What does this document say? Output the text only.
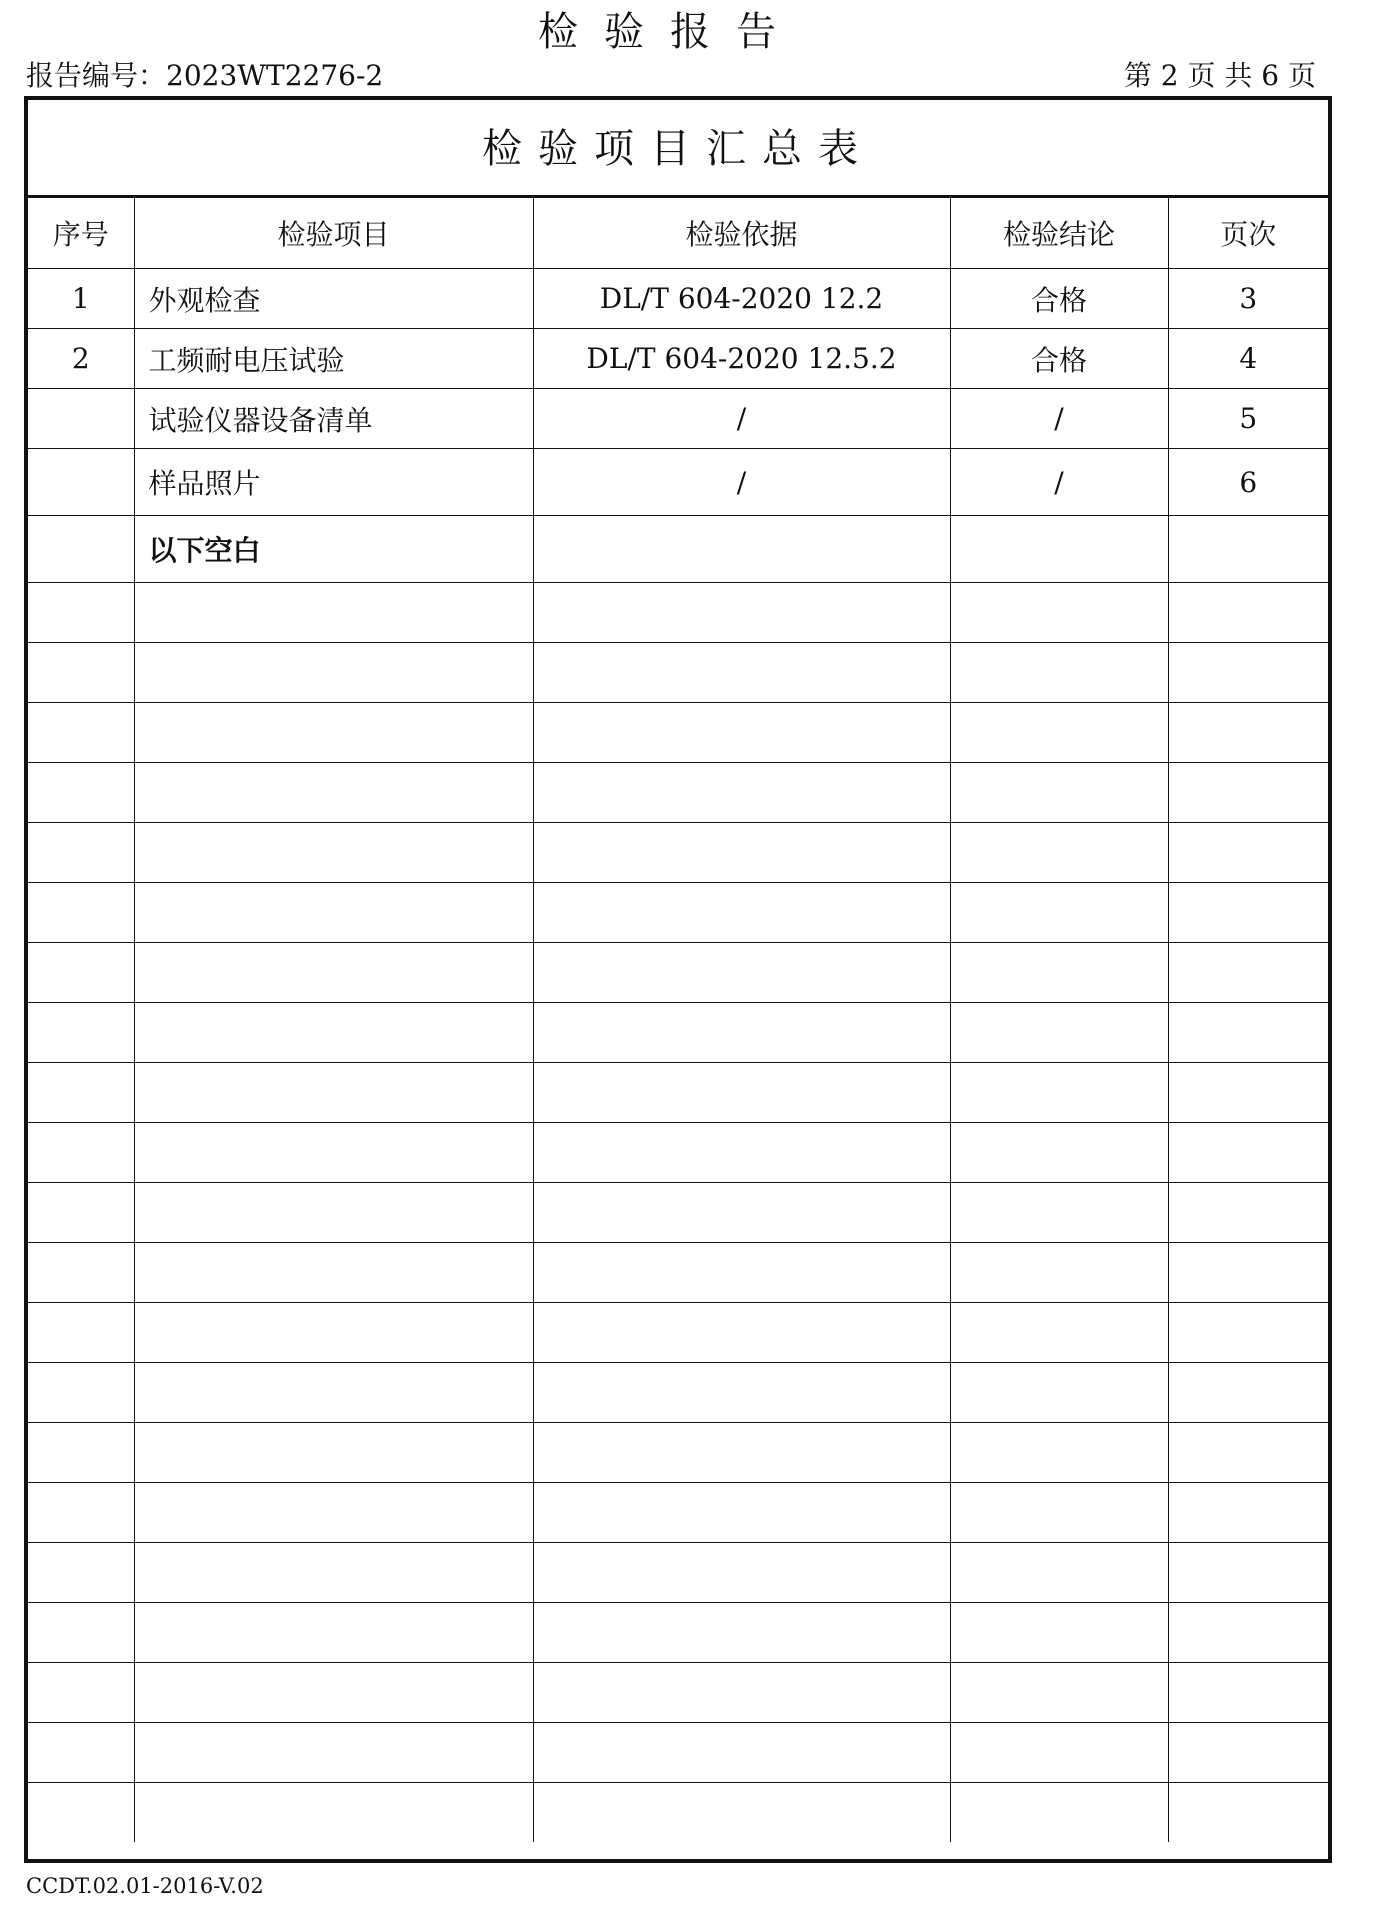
检验报告
报告编号：2023WT2276-2	第 2 页 共 6 页
检验项目汇总表
序号	检验项目	检验依据	检验结论	页次
1	外观检查	DL/T 604-2020 12.2	合格	3
2	工频耐电压试验	DL/T 604-2020 12.5.2	合格	4
	试验仪器设备清单	/	/	5
	样品照片	/	/	6
	以下空白			

CCDT.02.01-2016-V.02
